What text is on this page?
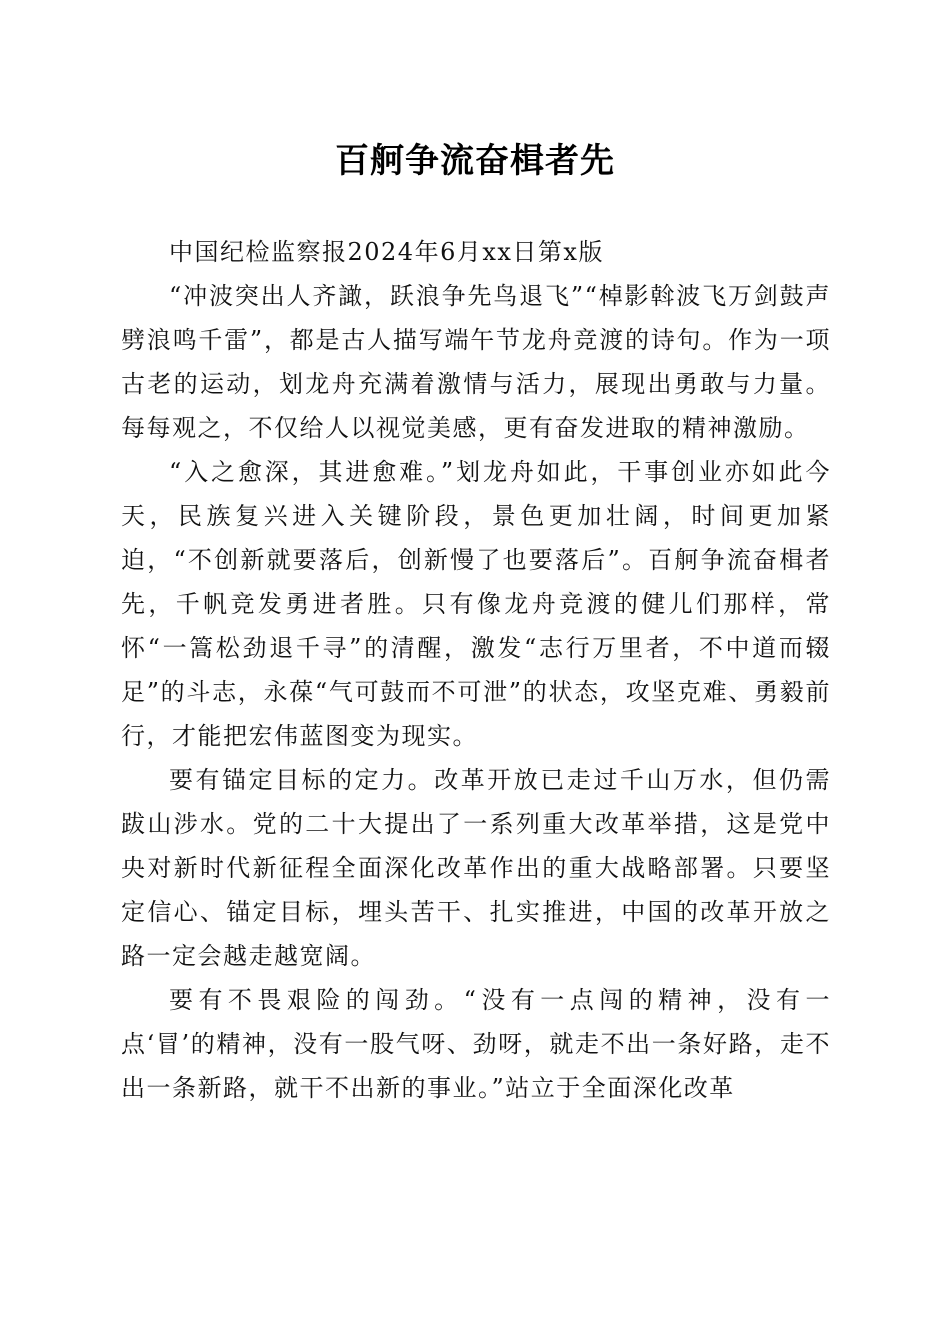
百舸争流奋楫者先

中国纪检监察报2024年6月xx日第x版

“冲波突出人齐譀，跃浪争先鸟退飞”“棹影斡波飞万剑鼓声劈浪鸣千雷”，都是古人描写端午节龙舟竞渡的诗句。作为一项古老的运动，划龙舟充满着激情与活力，展现出勇敢与力量。每每观之，不仅给人以视觉美感，更有奋发进取的精神激励。

“入之愈深，其进愈难。”划龙舟如此，干事创业亦如此今天，民族复兴进入关键阶段，景色更加壮阔，时间更加紧迫，“不创新就要落后，创新慢了也要落后”。百舸争流奋楫者先，千帆竞发勇进者胜。只有像龙舟竞渡的健儿们那样，常怀“一篙松劲退千寻”的清醒，激发“志行万里者，不中道而辍足”的斗志，永葆“气可鼓而不可泄”的状态，攻坚克难、勇毅前行，才能把宏伟蓝图变为现实。

要有锚定目标的定力。改革开放已走过千山万水，但仍需跋山涉水。党的二十大提出了一系列重大改革举措，这是党中央对新时代新征程全面深化改革作出的重大战略部署。只要坚定信心、锚定目标，埋头苦干、扎实推进，中国的改革开放之路一定会越走越宽阔。

要有不畏艰险的闯劲。“没有一点闯的精神，没有一点‘冒’的精神，没有一股气呀、劲呀，就走不出一条好路，走不出一条新路，就干不出新的事业。”站立于全面深化改革
